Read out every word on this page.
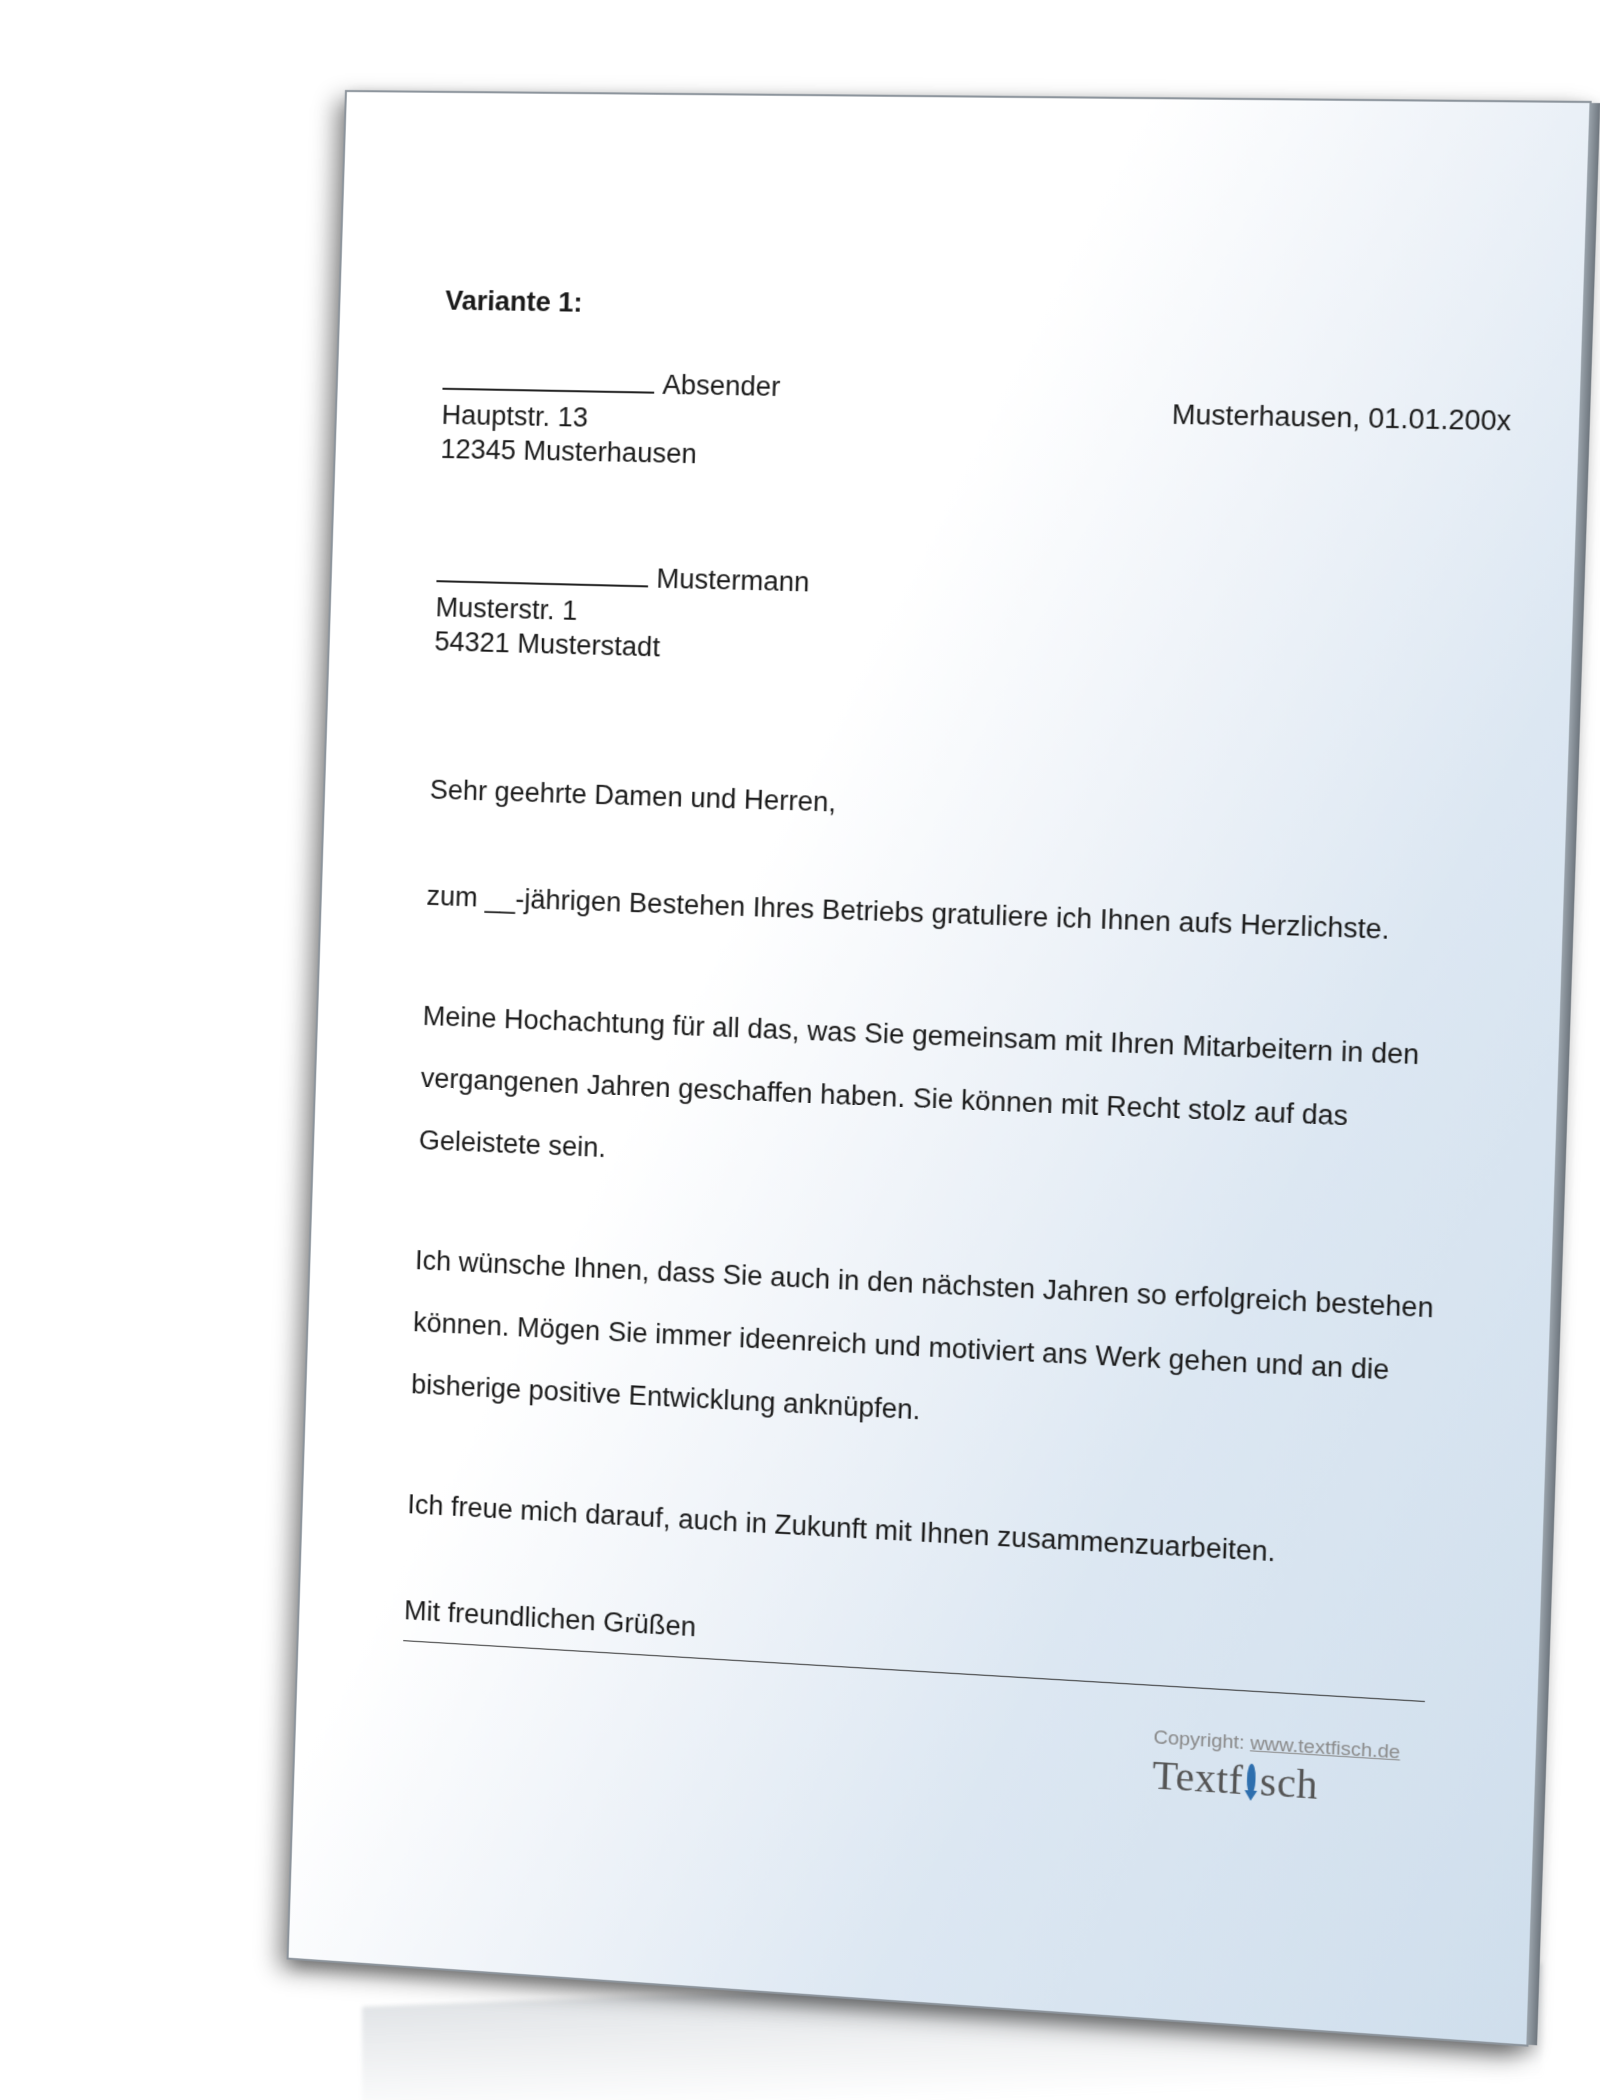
Variante 1:
Absender
Hauptstr. 13
12345 Musterhausen
Musterhausen, 01.01.200x
Mustermann
Musterstr. 1
54321 Musterstadt

Sehr geehrte Damen und Herren,

zum __-jährigen Bestehen Ihres Betriebs gratuliere ich Ihnen aufs Herzlichste.

Meine Hochachtung für all das, was Sie gemeinsam mit Ihren Mitarbeitern in den vergangenen Jahren geschaffen haben. Sie können mit Recht stolz auf das Geleistete sein.

Ich wünsche Ihnen, dass Sie auch in den nächsten Jahren so erfolgreich bestehen können. Mögen Sie immer ideenreich und motiviert ans Werk gehen und an die bisherige positive Entwicklung anknüpfen.

Ich freue mich darauf, auch in Zukunft mit Ihnen zusammenzuarbeiten.

Mit freundlichen Grüßen

Copyright: www.textfisch.de
Textf sch
